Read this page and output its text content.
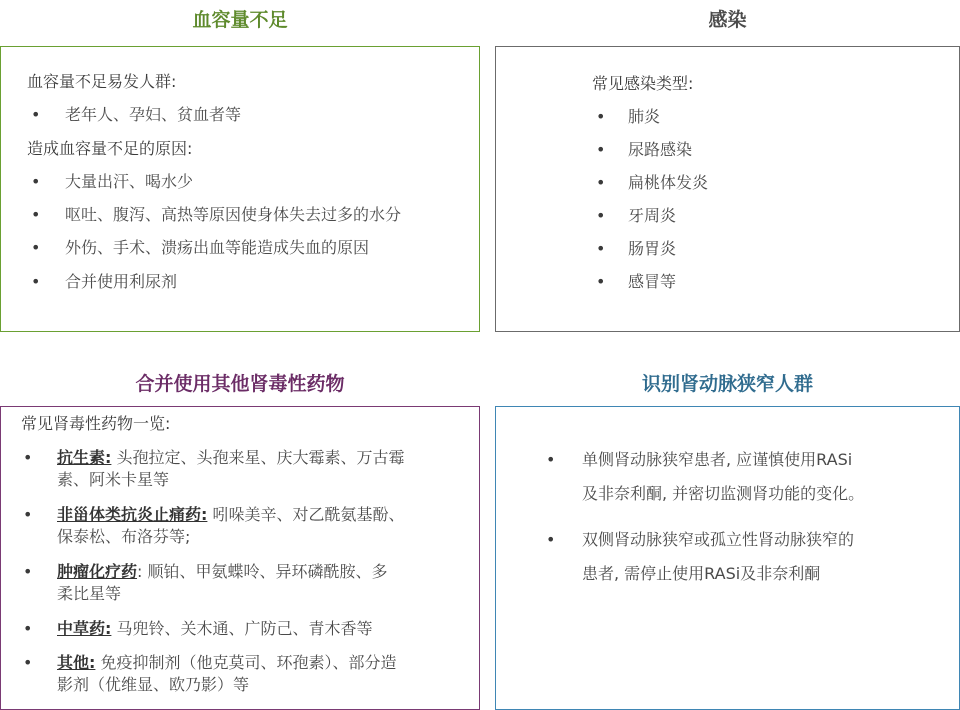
血容量不足
血容量不足易发人群:
• 老年人、孕妇、贫血者等
造成血容量不足的原因:
• 大量出汗、喝水少
• 呕吐、腹泻、高热等原因使身体失去过多的水分
• 外伤、手术、溃疡出血等能造成失血的原因
• 合并使用利尿剂
感染
常见感染类型:
• 肺炎
• 尿路感染
• 扁桃体发炎
• 牙周炎
• 肠胃炎
• 感冒等
合并使用其他肾毒性药物
常见肾毒性药物一览:
• 抗生素: 头孢拉定、头孢来星、庆大霉素、万古霉
素、阿米卡星等
• 非甾体类抗炎止痛药: 吲哚美辛、对乙酰氨基酚、
保泰松、布洛芬等;
• 肿瘤化疗药: 顺铂、甲氨蝶呤、异环磷酰胺、多
柔比星等
• 中草药: 马兜铃、关木通、广防己、青木香等
• 其他: 免疫抑制剂（他克莫司、环孢素）、部分造
影剂（优维显、欧乃影）等
识别肾动脉狭窄人群
• 单侧肾动脉狭窄患者, 应谨慎使用RASi
及非奈利酮, 并密切监测肾功能的变化。
• 双侧肾动脉狭窄或孤立性肾动脉狭窄的
患者, 需停止使用RASi及非奈利酮
